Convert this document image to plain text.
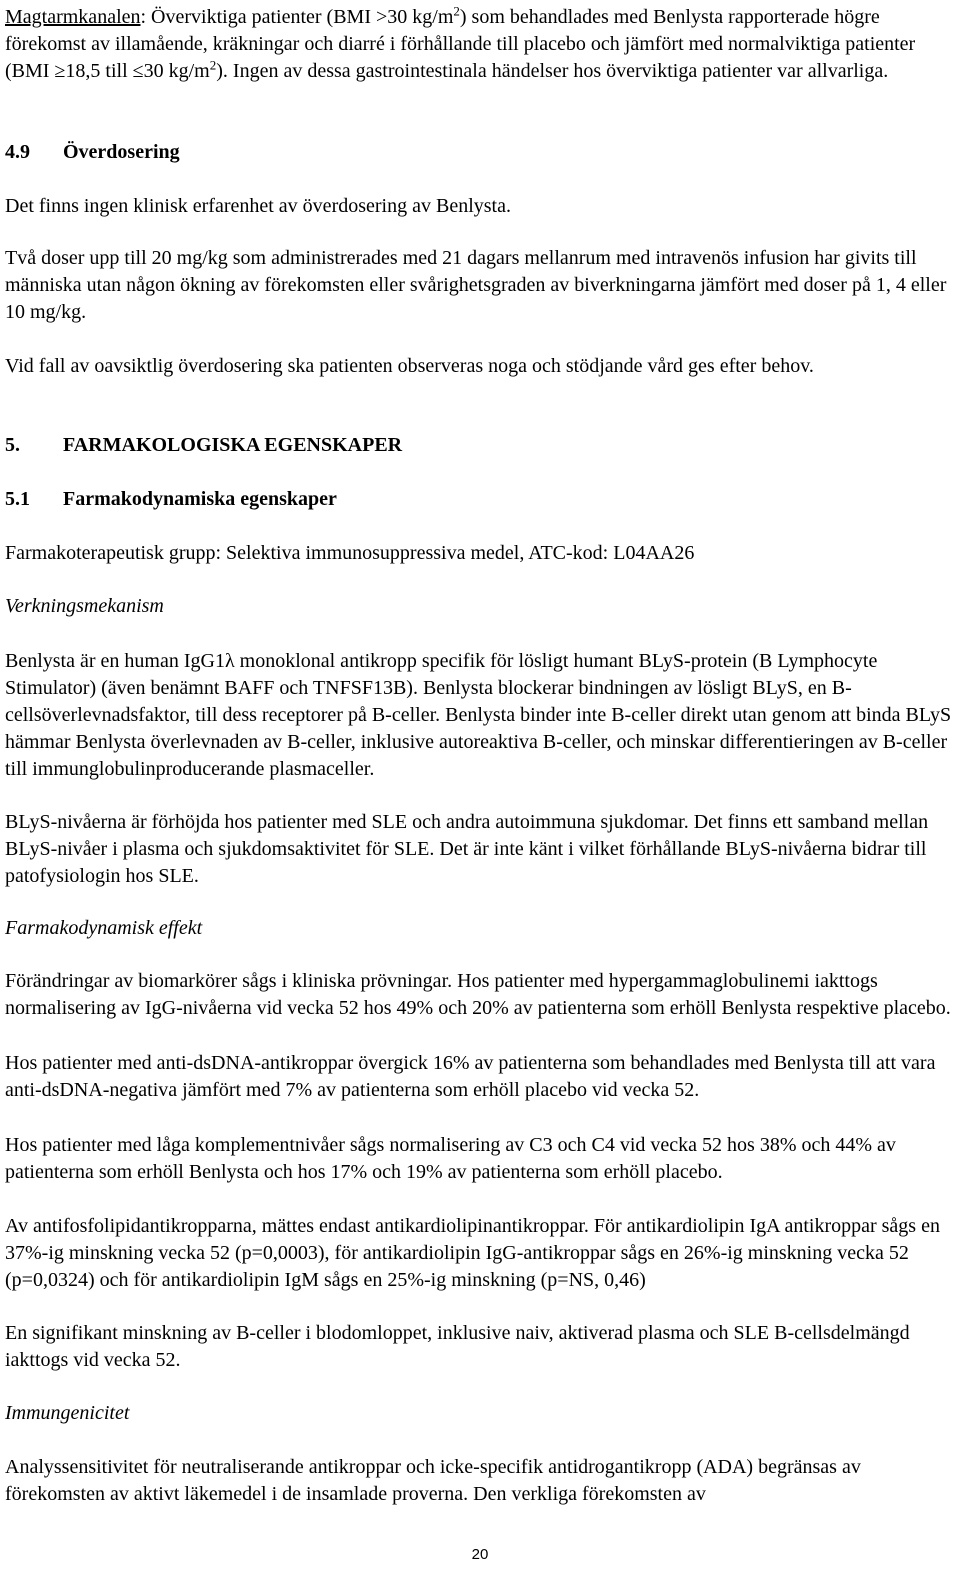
Magtarmkanalen: Överviktiga patienter (BMI >30 $kg/m^2$) som behandlades med Benlysta rapporterade högre förekomst av illamående, kräkningar och diarré i förhållande till placebo och jämfört med normalviktiga patienter (BMI ≥18,5 till ≤30 $kg/m^2$). Ingen av dessa gastrointestinala händelser hos överviktiga patienter var allvarliga.

4.9 Överdosering

Det finns ingen klinisk erfarenhet av överdosering av Benlysta.

Två doser upp till 20 mg/kg som administrerades med 21 dagars mellanrum med intravenös infusion har givits till människa utan någon ökning av förekomsten eller svårighetsgraden av biverkningarna jämfört med doser på 1, 4 eller 10 mg/kg.

Vid fall av oavsiktlig överdosering ska patienten observeras noga och stödjande vård ges efter behov.

5. FARMAKOLOGISKA EGENSKAPER
5.1 Farmakodynamiska egenskaper

Farmakoterapeutisk grupp: Selektiva immunosuppressiva medel, ATC-kod: L04AA26

Verkningsmekanism

Benlysta är en human IgG1λ monoklonal antikropp specifik för lösligt humant BLyS-protein (B Lymphocyte Stimulator) (även benämnt BAFF och TNFSF13B). Benlysta blockerar bindningen av lösligt BLyS, en B-cellsöverlevnadsfaktor, till dess receptorer på B-celler. Benlysta binder inte B-celler direkt utan genom att binda BLyS hämmar Benlysta överlevnaden av B-celler, inklusive autoreaktiva B-celler, och minskar differentieringen av B-celler till immunglobulinproducerande plasmaceller.

BLyS-nivåerna är förhöjda hos patienter med SLE och andra autoimmuna sjukdomar. Det finns ett samband mellan BLyS-nivåer i plasma och sjukdomsaktivitet för SLE. Det är inte känt i vilket förhållande BLyS-nivåerna bidrar till patofysiologin hos SLE.

Farmakodynamisk effekt

Förändringar av biomarkörer sågs i kliniska prövningar. Hos patienter med hypergammaglobulinemi iakttogs normalisering av IgG-nivåerna vid vecka 52 hos 49% och 20% av patienterna som erhöll Benlysta respektive placebo.

Hos patienter med anti-dsDNA-antikroppar övergick 16% av patienterna som behandlades med Benlysta till att vara anti-dsDNA-negativa jämfört med 7% av patienterna som erhöll placebo vid vecka 52.

Hos patienter med låga komplementnivåer sågs normalisering av C3 och C4 vid vecka 52 hos 38% och 44% av patienterna som erhöll Benlysta och hos 17% och 19% av patienterna som erhöll placebo.

Av antifosfolipidantikropparna, mättes endast antikardiolipinantikroppar. För antikardiolipin IgA antikroppar sågs en 37%-ig minskning vecka 52 (p=0,0003), för antikardiolipin IgG-antikroppar sågs en 26%-ig minskning vecka 52 (p=0,0324) och för antikardiolipin IgM sågs en 25%-ig minskning (p=NS, 0,46)

En signifikant minskning av B-celler i blodomloppet, inklusive naiv, aktiverad plasma och SLE B-cellsdelmängd iakttogs vid vecka 52.

Immungenicitet

Analyssensitivitet för neutraliserande antikroppar och icke-specifik antidrogantikropp (ADA) begränsas av förekomsten av aktivt läkemedel i de insamlade proverna. Den verkliga förekomsten av

20
